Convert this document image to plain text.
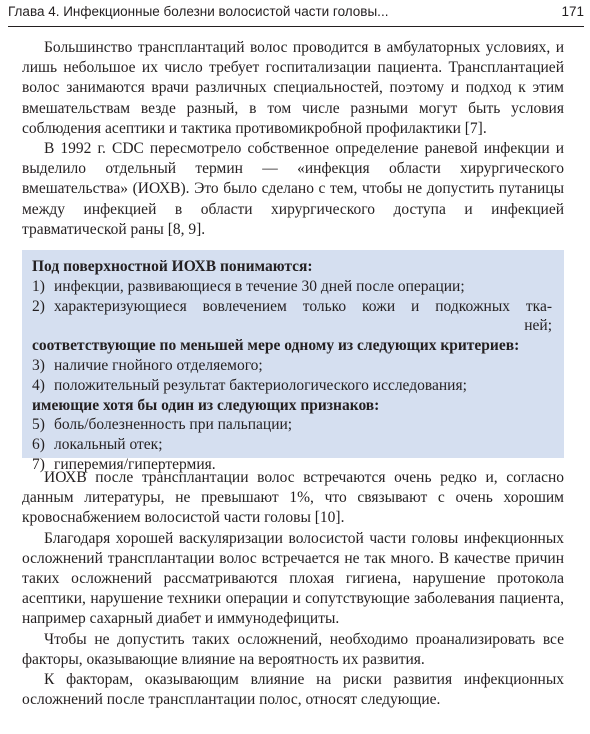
Глава 4. Инфекционные болезни волосистой части головы...	171

Большинство трансплантаций волос проводится в амбулаторных условиях, и лишь небольшое их число требует госпитализации пациента. Трансплантацией волос занимаются врачи различных специальностей, поэтому и подход к этим вмешательствам везде разный, в том числе разными могут быть условия соблюдения асептики и тактика противомикробной профилактики [7].

В 1992 г. CDC пересмотрело собственное определение раневой инфекции и выделило отдельный термин — «инфекция области хирургического вмешательства» (ИОХВ). Это было сделано с тем, чтобы не допустить путаницы между инфекцией в области хирургического доступа и инфекцией травматической раны [8, 9].

Под поверхностной ИОХВ понимаются:
1) инфекции, развивающиеся в течение 30 дней после операции;
2) характеризующиеся вовлечением только кожи и подкожных тка-
ней;
соответствующие по меньшей мере одному из следующих критериев:
3) наличие гнойного отделяемого;
4) положительный результат бактериологического исследования;
имеющие хотя бы один из следующих признаков:
5) боль/болезненность при пальпации;
6) локальный отек;
7) гиперемия/гипертермия.

ИОХВ после трансплантации волос встречаются очень редко и, согласно данным литературы, не превышают 1%, что связывают с очень хорошим кровоснабжением волосистой части головы [10].

Благодаря хорошей васкуляризации волосистой части головы инфекционных осложнений трансплантации волос встречается не так много. В качестве причин таких осложнений рассматриваются плохая гигиена, нарушение протокола асептики, нарушение техники операции и сопутствующие заболевания пациента, например сахарный диабет и иммунодефициты.

Чтобы не допустить таких осложнений, необходимо проанализировать все факторы, оказывающие влияние на вероятность их развития.

К факторам, оказывающим влияние на риски развития инфекционных осложнений после трансплантации полос, относят следующие.
